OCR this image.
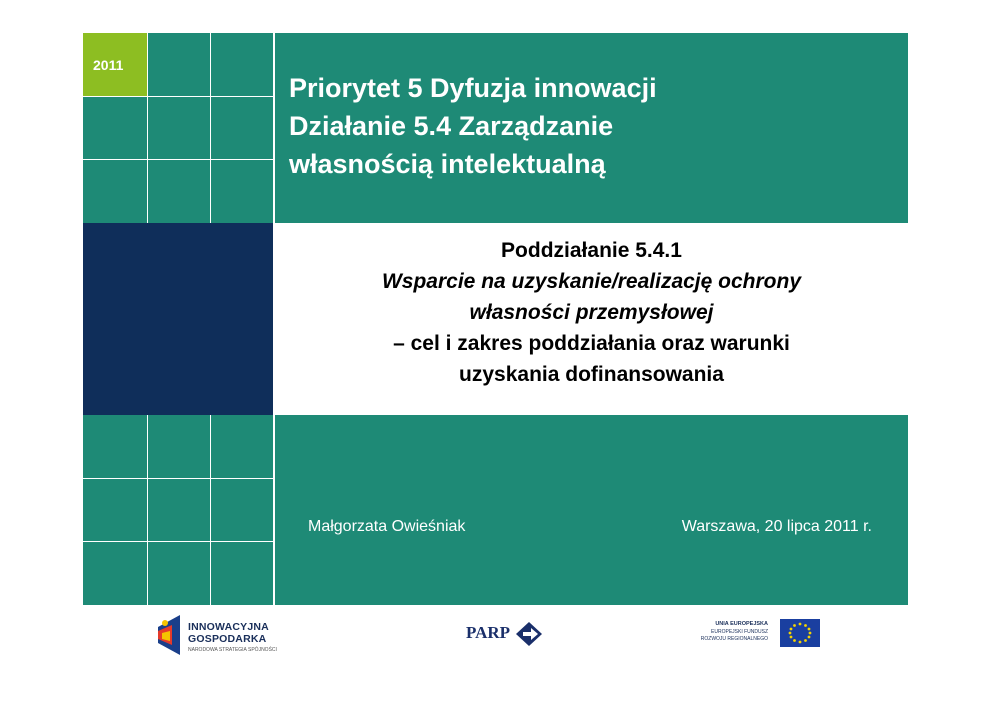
2011
Priorytet 5 Dyfuzja innowacji
Działanie 5.4 Zarządzanie
własnością intelektualną
Poddziałanie 5.4.1
Wsparcie na uzyskanie/realizację ochrony
własności przemysłowej
– cel i zakres poddziałania oraz warunki
uzyskania dofinansowania
Małgorzata Owieśniak	Warszawa, 20 lipca 2011 r.
INNOWACYJNA
GOSPODARKA
NARODOWA STRATEGIA SPÓJNOŚCI
PARP	UNIA EUROPEJSKA
EUROPEJSKI FUNDUSZ
ROZWOJU REGIONALNEGO
